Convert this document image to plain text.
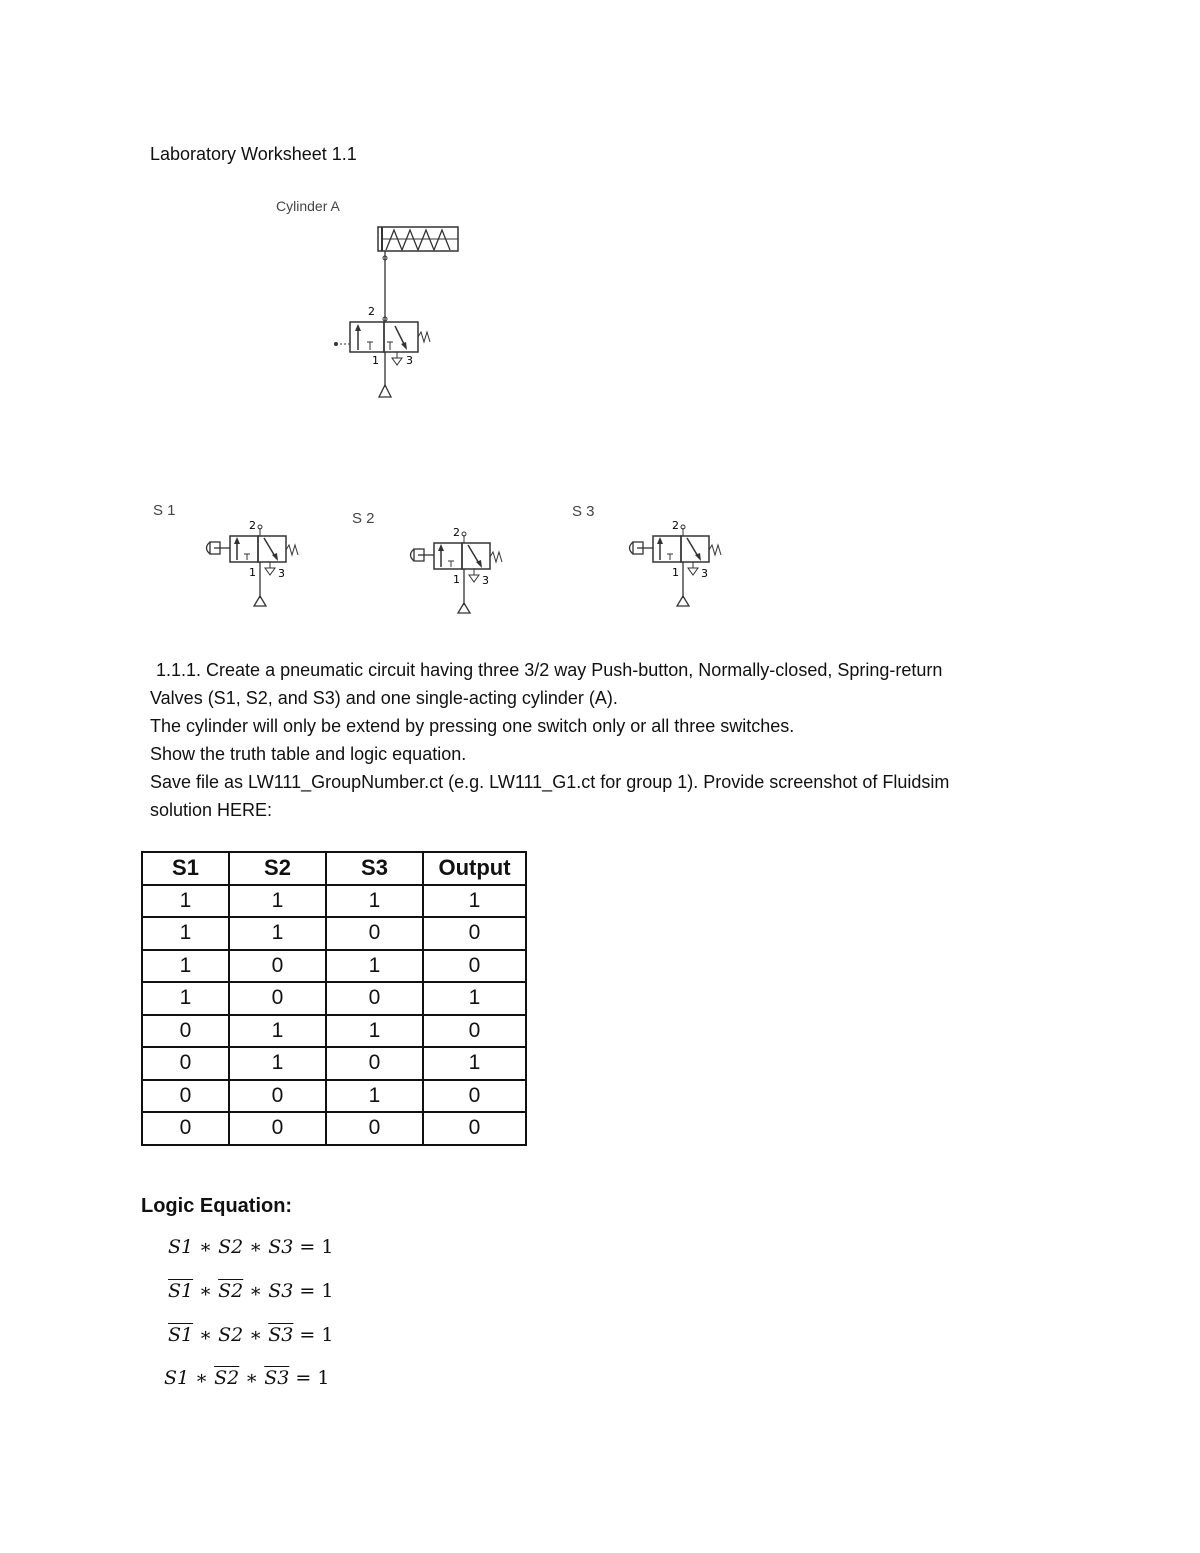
Laboratory Worksheet 1.1
Cylinder A
2
1 3
S 1	S 2	S 3
2
1 3
2
1 3
2
1 3

1.1.1. Create a pneumatic circuit having three 3/2 way Push-button, Normally-closed, Spring-return

Valves (S1, S2, and S3) and one single-acting cylinder (A).

The cylinder will only be extend by pressing one switch only or all three switches.

Show the truth table and logic equation.

Save file as LW111_GroupNumber.ct (e.g. LW111_G1.ct for group 1). Provide screenshot of Fluidsim

solution HERE:

S1	S2	S3	Output
1	1	1	1
1	1	0	0
1	0	1	0
1	0	0	1
0	1	1	0
0	1	0	1
0	0	1	0
0	0	0	0
Logic Equation:
S1 ∗ S2 ∗ S3 = 1
S1 ∗ S2 ∗ S3 = 1
S1 ∗ S2 ∗ S3 = 1
S1 ∗ S2 ∗ S3 = 1
